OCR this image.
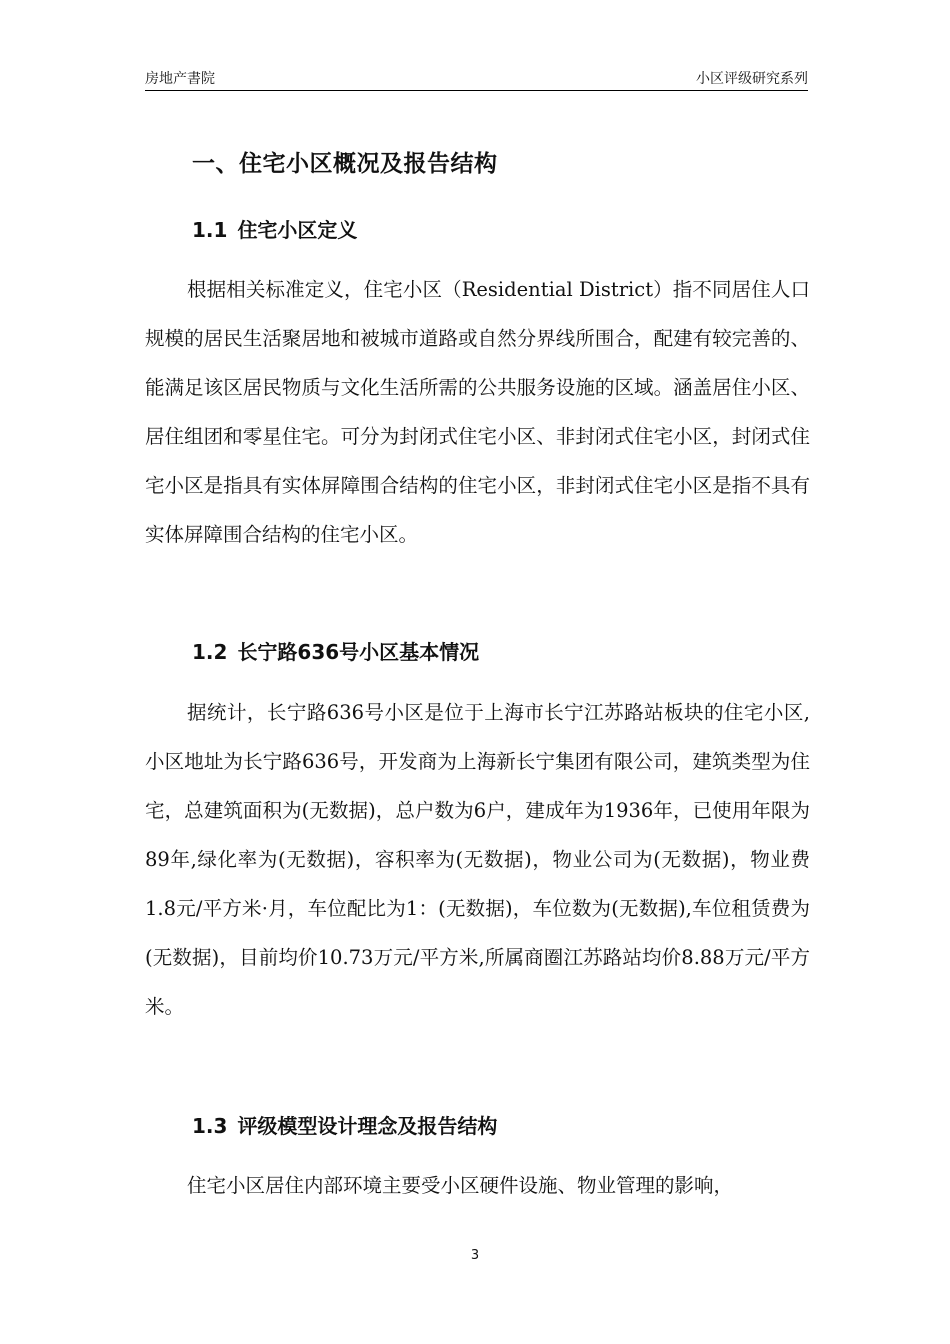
房地产書院	小区评级研究系列
一、住宅小区概况及报告结构
1.1 住宅小区定义

根据相关标准定义，住宅小区（Residential District）指不同居住人口规模的居民生活聚居地和被城市道路或自然分界线所围合，配建有较完善的、能满足该区居民物质与文化生活所需的公共服务设施的区域。涵盖居住小区、居住组团和零星住宅。可分为封闭式住宅小区、非封闭式住宅小区，封闭式住宅小区是指具有实体屏障围合结构的住宅小区，非封闭式住宅小区是指不具有实体屏障围合结构的住宅小区。

1.2 长宁路636号小区基本情况

据统计，长宁路636号小区是位于上海市长宁江苏路站板块的住宅小区,小区地址为长宁路636号，开发商为上海新长宁集团有限公司，建筑类型为住宅，总建筑面积为(无数据)，总户数为6户，建成年为1936年，已使用年限为89年,绿化率为(无数据)，容积率为(无数据)，物业公司为(无数据)，物业费1.8元/平方米·月，车位配比为1：(无数据)，车位数为(无数据),车位租赁费为(无数据)，目前均价10.73万元/平方米,所属商圈江苏路站均价8.88万元/平方米。

1.3 评级模型设计理念及报告结构

住宅小区居住内部环境主要受小区硬件设施、物业管理的影响，

3
